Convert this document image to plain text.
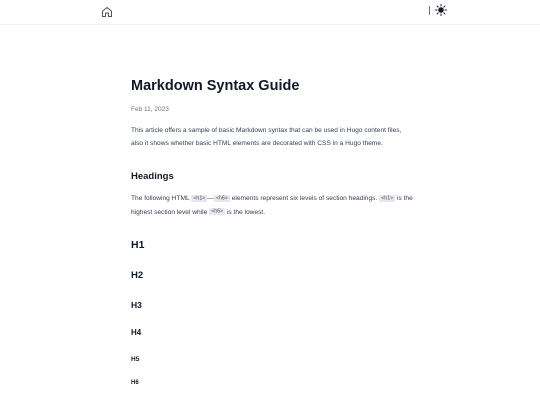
Markdown Syntax Guide
Feb 11, 2023

This article offers a sample of basic Markdown syntax that can be used in Hugo content files, also it shows whether basic HTML elements are decorated with CSS in a Hugo theme.

Headings

The following HTML <h1> — <h6> elements represent six levels of section headings. <h1> is the highest section level while <h6> is the lowest.

H1
H2
H3
H4
H5
H6
